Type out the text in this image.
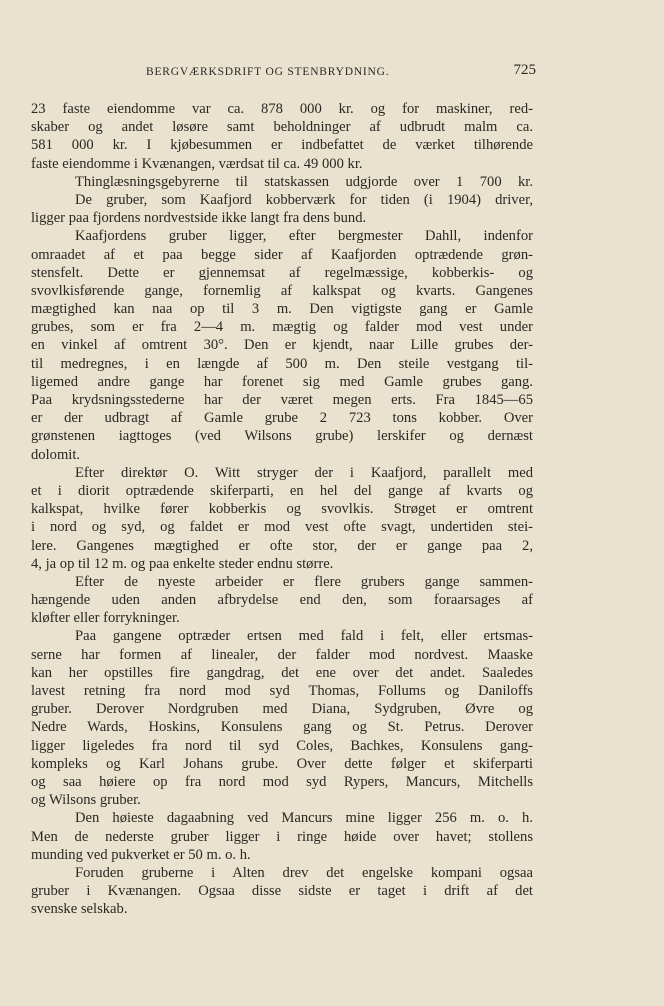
BERGVÆRKSDRIFT OG STENBRYDNING.	725
23 faste eiendomme var ca. 878 000 kr. og for maskiner, red-
skaber og andet løsøre samt beholdninger af udbrudt malm ca.
581 000 kr. I kjøbesummen er indbefattet de værket tilhørende
faste eiendomme i Kvænangen, værdsat til ca. 49 000 kr.
Thinglæsningsgebyrerne til statskassen udgjorde over 1 700 kr.
De gruber, som Kaafjord kobberværk for tiden (i 1904) driver,
ligger paa fjordens nordvestside ikke langt fra dens bund.
Kaafjordens gruber ligger, efter bergmester Dahll, indenfor
omraadet af et paa begge sider af Kaafjorden optrædende grøn-
stensfelt. Dette er gjennemsat af regelmæssige, kobberkis- og
svovlkisførende gange, fornemlig af kalkspat og kvarts. Gangenes
mægtighed kan naa op til 3 m. Den vigtigste gang er Gamle
grubes, som er fra 2—4 m. mægtig og falder mod vest under
en vinkel af omtrent 30°. Den er kjendt, naar Lille grubes der-
til medregnes, i en længde af 500 m. Den steile vestgang til-
ligemed andre gange har forenet sig med Gamle grubes gang.
Paa krydsningsstederne har der været megen erts. Fra 1845—65
er der udbragt af Gamle grube 2 723 tons kobber. Over
grønstenen iagttoges (ved Wilsons grube) lerskifer og dernæst
dolomit.
Efter direktør O. Witt stryger der i Kaafjord, parallelt med
et i diorit optrædende skiferparti, en hel del gange af kvarts og
kalkspat, hvilke fører kobberkis og svovlkis. Strøget er omtrent
i nord og syd, og faldet er mod vest ofte svagt, undertiden stei-
lere. Gangenes mægtighed er ofte stor, der er gange paa 2,
4, ja op til 12 m. og paa enkelte steder endnu større.
Efter de nyeste arbeider er flere grubers gange sammen-
hængende uden anden afbrydelse end den, som foraarsages af
kløfter eller forrykninger.
Paa gangene optræder ertsen med fald i felt, eller ertsmas-
serne har formen af linealer, der falder mod nordvest. Maaske
kan her opstilles fire gangdrag, det ene over det andet. Saaledes
lavest retning fra nord mod syd Thomas, Follums og Daniloffs
gruber. Derover Nordgruben med Diana, Sydgruben, Øvre og
Nedre Wards, Hoskins, Konsulens gang og St. Petrus. Derover
ligger ligeledes fra nord til syd Coles, Bachkes, Konsulens gang-
kompleks og Karl Johans grube. Over dette følger et skiferparti
og saa høiere op fra nord mod syd Rypers, Mancurs, Mitchells
og Wilsons gruber.
Den høieste dagaabning ved Mancurs mine ligger 256 m. o. h.
Men de nederste gruber ligger i ringe høide over havet; stollens
munding ved pukverket er 50 m. o. h.
Foruden gruberne i Alten drev det engelske kompani ogsaa
gruber i Kvænangen. Ogsaa disse sidste er taget i drift af det
svenske selskab.
